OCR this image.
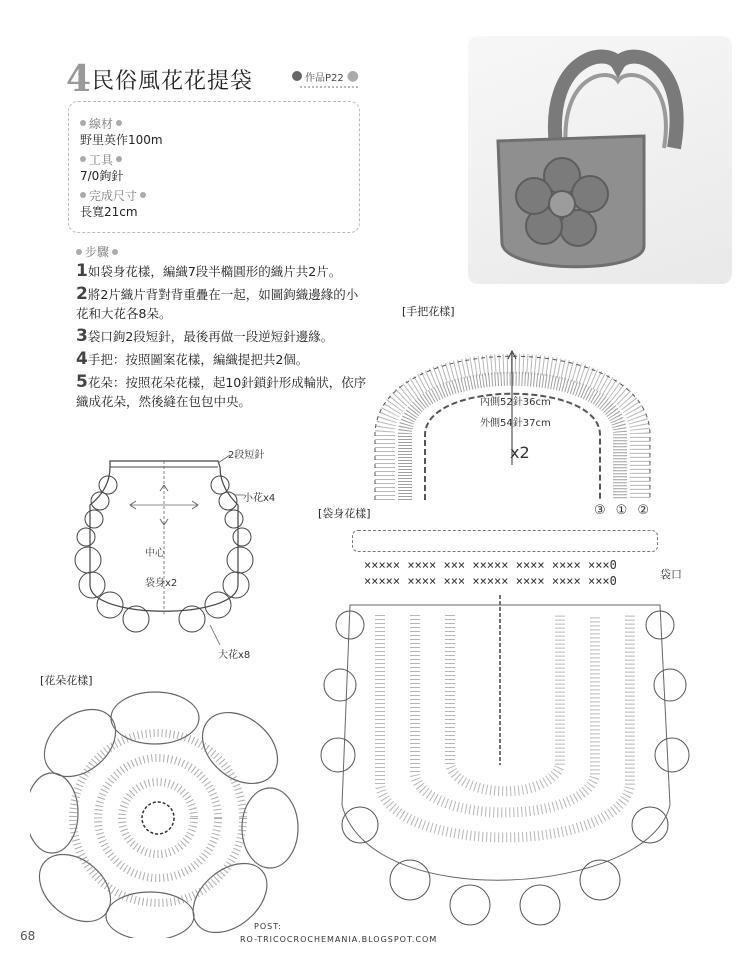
4 民俗風花花提袋	作品P22 ●
線材
野里英作100m
工具
7/0鉤針
完成尺寸
長寬21cm
步驟
1如袋身花樣，編織7段半橢圓形的織片共2片。
2將2片織片背對背重疊在一起，如圖鉤織邊緣的小
花和大花各8朵。
3袋口鉤2段短針，最後再做一段逆短針邊緣。
4手把：按照圖案花樣，編織提把共2個。
5花朵：按照花朵花樣，起10針鎖針形成輪狀，依序
織成花朵，然後縫在包包中央。
2段短針
小花x4
中心
袋身x2
大花x8
[手把花樣]
內側52針36cm
外側54針37cm
x2
③ ① ②
[袋身花樣]
××××× ×××× ××× ××××× ×××× ×××× ×××0
××××× ×××× ××× ××××× ×××× ×××× ×××0	袋口
[花朵花樣]
68
POST:
RO-TRICOCROCHEMANIA.BLOGSPOT.COM
